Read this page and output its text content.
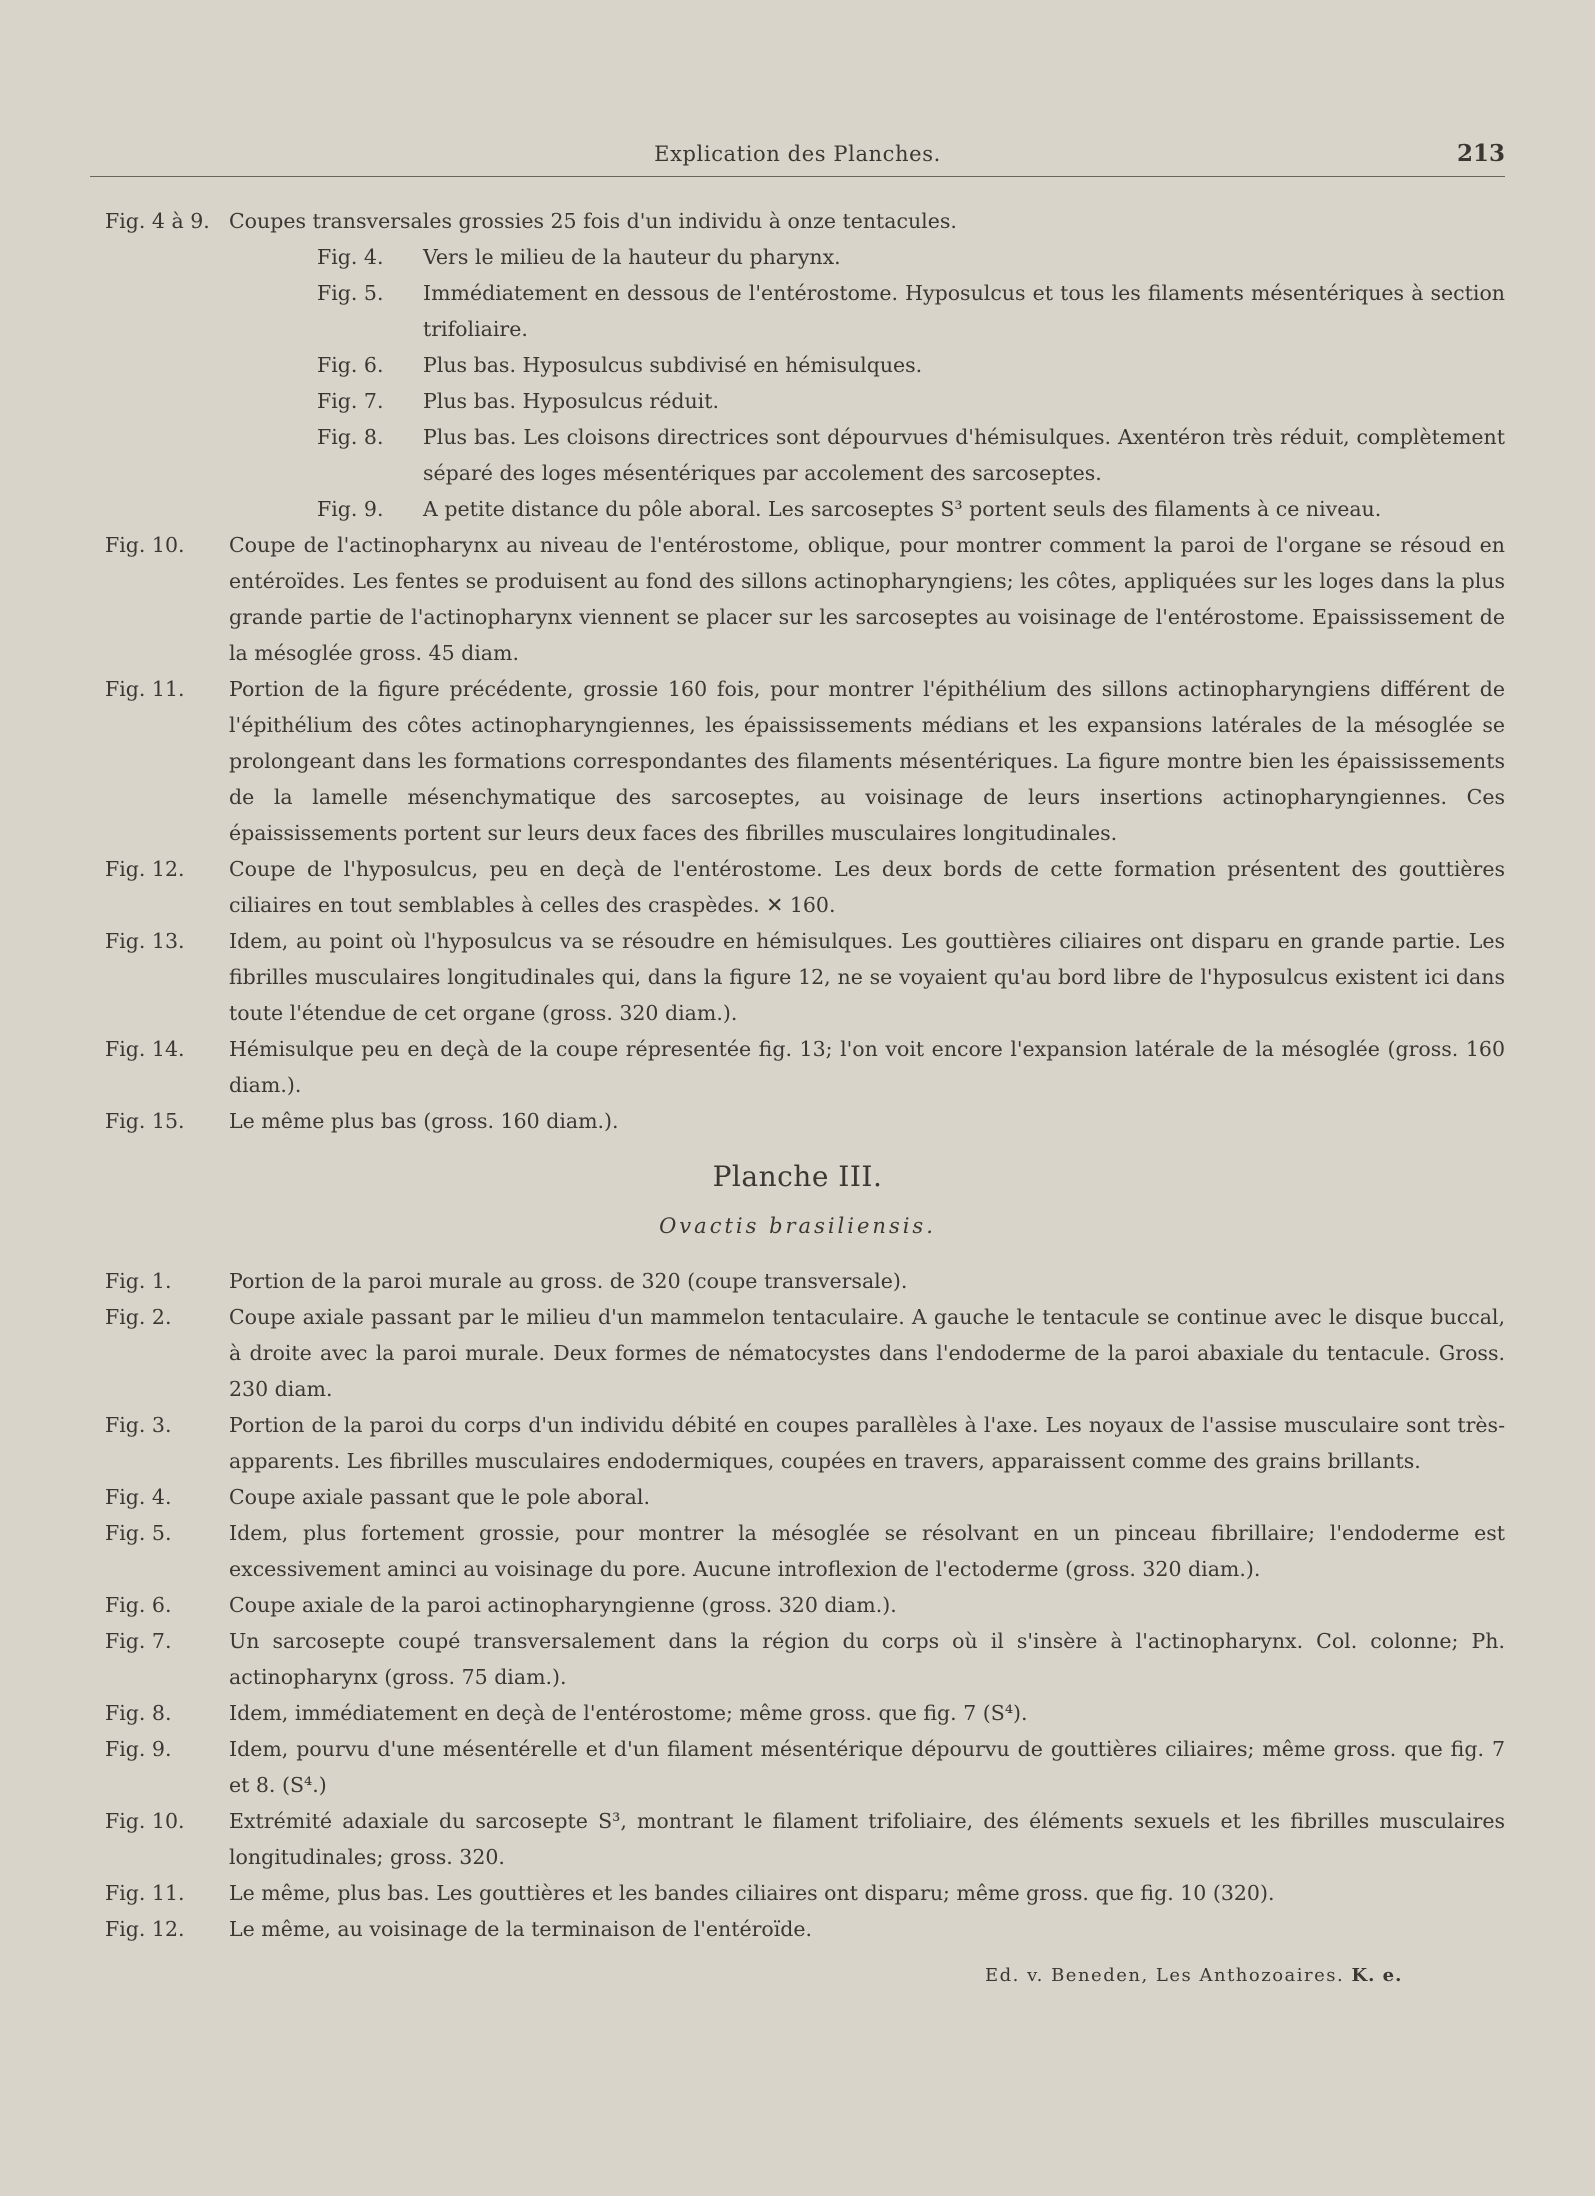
Explication des Planches.	213
Fig. 4 à 9. Coupes transversales grossies 25 fois d'un individu à onze tentacules.
Fig. 4. Vers le milieu de la hauteur du pharynx.
Fig. 5. Immédiatement en dessous de l'entérostome. Hyposulcus et tous les filaments mésentériques à section trifoliaire.
Fig. 6. Plus bas. Hyposulcus subdivisé en hémisulques.
Fig. 7. Plus bas. Hyposulcus réduit.
Fig. 8. Plus bas. Les cloisons directrices sont dépourvues d'hémisulques. Axentéron très réduit, complètement séparé des loges mésentériques par accolement des sarcoseptes.
Fig. 9. A petite distance du pôle aboral. Les sarcoseptes S³ portent seuls des filaments à ce niveau.
Fig. 10. Coupe de l'actinopharynx au niveau de l'entérostome, oblique, pour montrer comment la paroi de l'organe se résoud en entéroïdes. Les fentes se produisent au fond des sillons actinopharyngiens; les côtes, appliquées sur les loges dans la plus grande partie de l'actinopharynx viennent se placer sur les sarcoseptes au voisinage de l'entérostome. Epaississement de la mésoglée gross. 45 diam.
Fig. 11. Portion de la figure précédente, grossie 160 fois, pour montrer l'épithélium des sillons actinopharyngiens différent de l'épithélium des côtes actinopharyngiennes, les épaississements médians et les expansions latérales de la mésoglée se prolongeant dans les formations correspondantes des filaments mésentériques. La figure montre bien les épaississements de la lamelle mésenchymatique des sarcoseptes, au voisinage de leurs insertions actinopharyngiennes. Ces épaississements portent sur leurs deux faces des fibrilles musculaires longitudinales.
Fig. 12. Coupe de l'hyposulcus, peu en deçà de l'entérostome. Les deux bords de cette formation présentent des gouttières ciliaires en tout semblables à celles des craspèdes. ✕ 160.
Fig. 13. Idem, au point où l'hyposulcus va se résoudre en hémisulques. Les gouttières ciliaires ont disparu en grande partie. Les fibrilles musculaires longitudinales qui, dans la figure 12, ne se voyaient qu'au bord libre de l'hyposulcus existent ici dans toute l'étendue de cet organe (gross. 320 diam.).
Fig. 14. Hémisulque peu en deçà de la coupe répresentée fig. 13; l'on voit encore l'expansion latérale de la mésoglée (gross. 160 diam.).
Fig. 15. Le même plus bas (gross. 160 diam.).
Planche III.
Ovactis brasiliensis.
Fig. 1.	Portion de la paroi murale au gross. de 320 (coupe transversale).
Fig. 2.	Coupe axiale passant par le milieu d'un mammelon tentaculaire. A gauche le tentacule se continue avec le disque buccal, à droite avec la paroi murale. Deux formes de nématocystes dans l'endoderme de la paroi abaxiale du tentacule. Gross. 230 diam.
Fig. 3.	Portion de la paroi du corps d'un individu débité en coupes parallèles à l'axe. Les noyaux de l'assise musculaire sont très-apparents. Les fibrilles musculaires endodermiques, coupées en travers, apparaissent comme des grains brillants.
Fig. 4.	Coupe axiale passant que le pole aboral.
Fig. 5.	Idem, plus fortement grossie, pour montrer la mésoglée se résolvant en un pinceau fibrillaire; l'endoderme est excessivement aminci au voisinage du pore. Aucune introflexion de l'ectoderme (gross. 320 diam.).
Fig. 6.	Coupe axiale de la paroi actinopharyngienne (gross. 320 diam.).
Fig. 7.	Un sarcosepte coupé transversalement dans la région du corps où il s'insère à l'actinopharynx. Col. colonne; Ph. actinopharynx (gross. 75 diam.).
Fig. 8.	Idem, immédiatement en deçà de l'entérostome; même gross. que fig. 7 (S⁴).
Fig. 9.	Idem, pourvu d'une mésentérelle et d'un filament mésentérique dépourvu de gouttières ciliaires; même gross. que fig. 7 et 8. (S⁴.)
Fig. 10. Extrémité adaxiale du sarcosepte S³, montrant le filament trifoliaire, des éléments sexuels et les fibrilles musculaires longitudinales; gross. 320.
Fig. 11. Le même, plus bas. Les gouttières et les bandes ciliaires ont disparu; même gross. que fig. 10 (320).
Fig. 12. Le même, au voisinage de la terminaison de l'entéroïde.
Ed. v. Beneden, Les Anthozoaires. K. e.
